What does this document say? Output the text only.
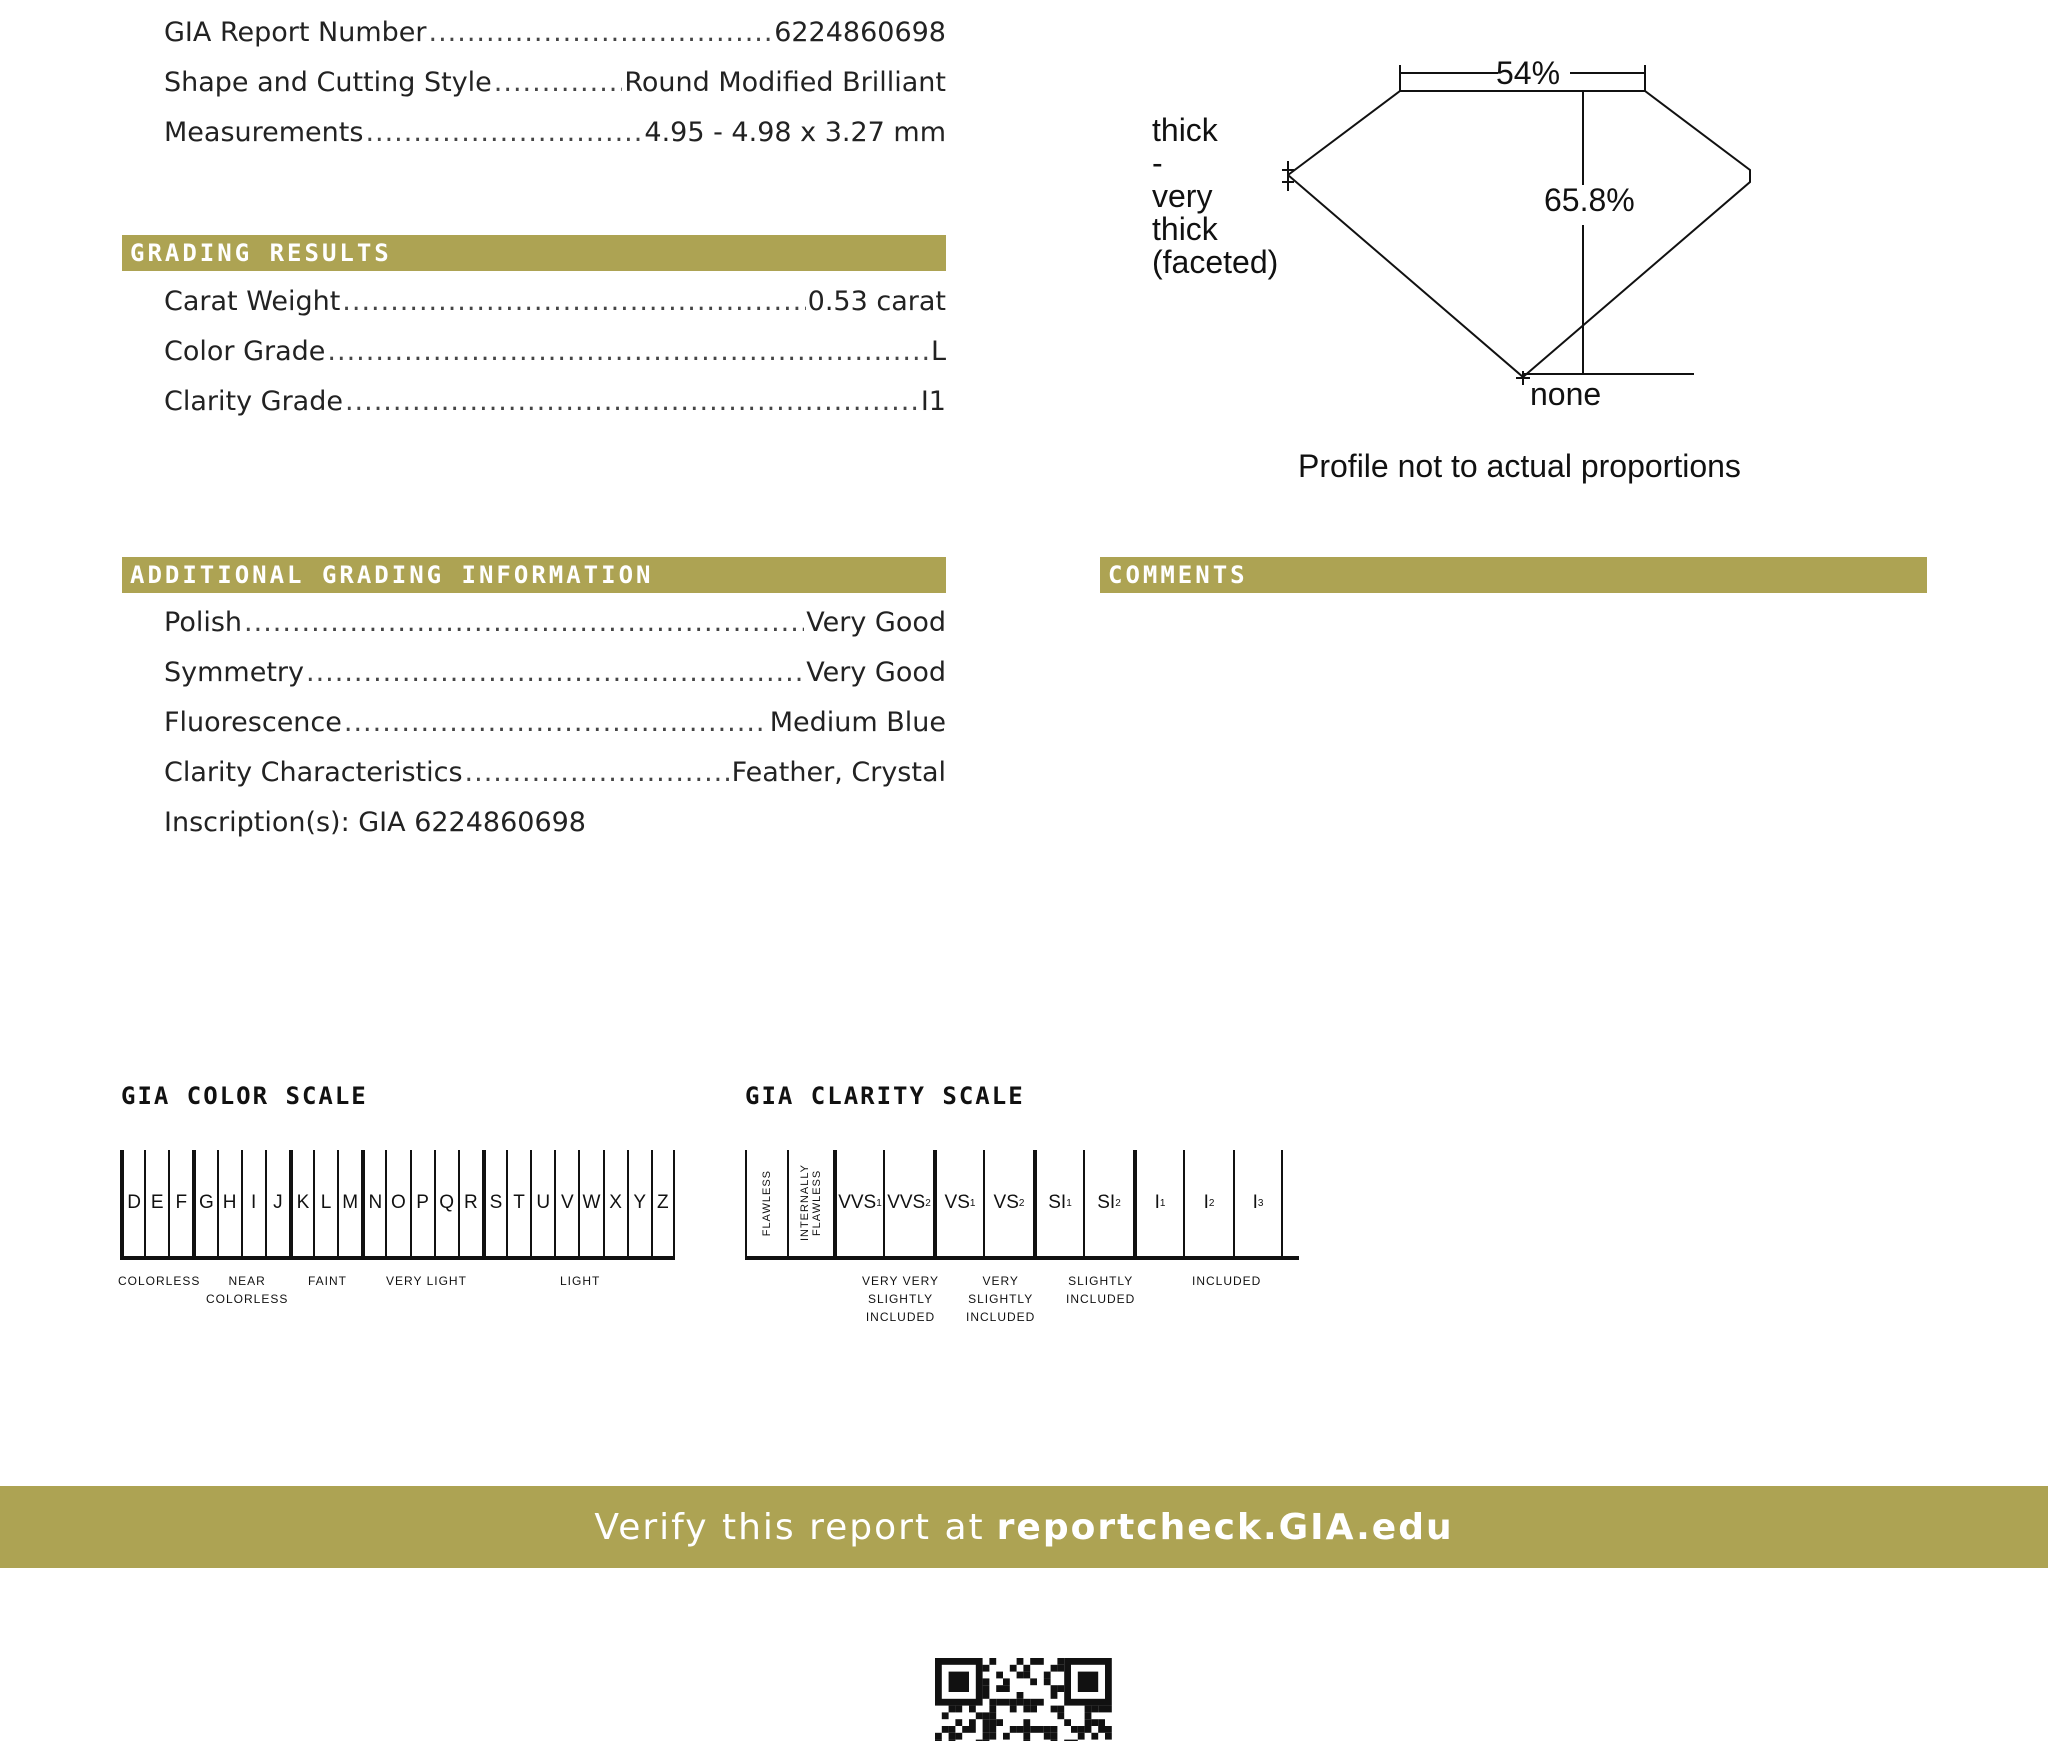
GIA Report Number .....	6224860698
Shape and Cutting Style .....	Round Modified Brilliant
Measurements .....	4.95 - 4.98 x 3.27 mm
GRADING RESULTS
Carat Weight .....	0.53 carat
Color Grade .....	L
Clarity Grade .....	I1
ADDITIONAL GRADING INFORMATION
Polish .....	Very Good
Symmetry .....	Very Good
Fluorescence .....	Medium Blue
Clarity Characteristics .....	Feather, Crystal
Inscription(s): GIA 6224860698
COMMENTS
54%
65.8%
thick
-
very
thick
(faceted)
none
Profile not to actual proportions
GIA COLOR SCALE
D E F G H I J K L M N O P Q R S T U V W X Y Z
COLORLESS	NEAR
COLORLESS
FAINT	VERY LIGHT	LIGHT
GIA CLARITY SCALE
FLAWLESS INTERNALLY FLAWLESS VVS 1 VVS 2 VS 1 VS 2 SI 1 SI 2 I 1 I 2 I 3
VERY VERY
SLIGHTLY
INCLUDED
VERY
SLIGHTLY
INCLUDED
SLIGHTLY
INCLUDED
INCLUDED
Verify this report at reportcheck.GIA.edu
